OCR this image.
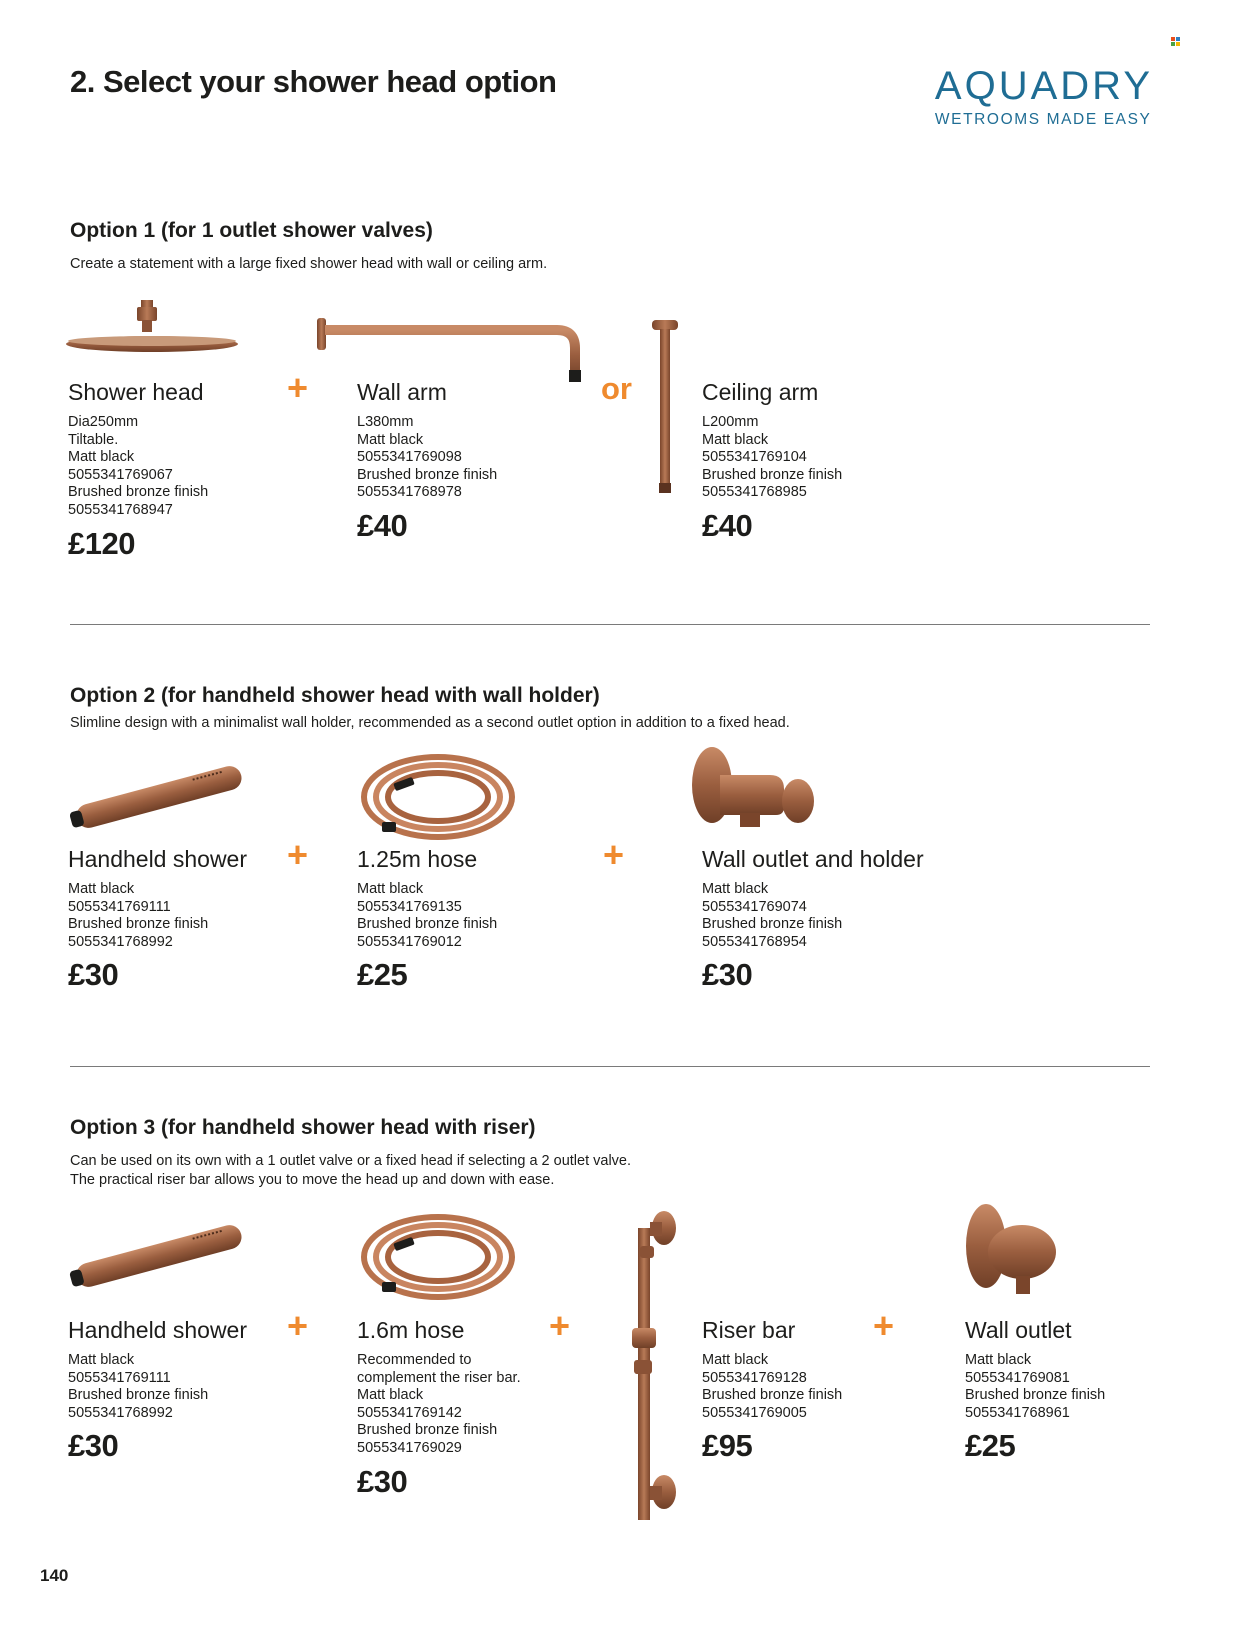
2. Select your shower head option	AQUADRY
WETROOMS MADE EASY
Option 1 (for 1 outlet shower valves)
Create a statement with a large fixed shower head with wall or ceiling arm.
Shower head
Dia250mm
Tiltable.
Matt black
5055341769067
Brushed bronze finish
5055341768947
£120
+ Wall arm
L380mm
Matt black
5055341769098
Brushed bronze finish
5055341768978
£40
or	Ceiling arm
L200mm
Matt black
5055341769104
Brushed bronze finish
5055341768985
£40
Option 2 (for handheld shower head with wall holder)
Slimline design with a minimalist wall holder, recommended as a second outlet option in addition to a fixed head.
Handheld shower
Matt black
5055341769111
Brushed bronze finish
5055341768992
£30
+ 1.25m hose
Matt black
5055341769135
Brushed bronze finish
5055341769012
£25
+	Wall outlet and holder
Matt black
5055341769074
Brushed bronze finish
5055341768954
£30
Option 3 (for handheld shower head with riser)
Can be used on its own with a 1 outlet valve or a fixed head if selecting a 2 outlet valve.
The practical riser bar allows you to move the head up and down with ease.
Handheld shower
Matt black
5055341769111
Brushed bronze finish
5055341768992
£30
+ 1.6m hose
Recommended to
complement the riser bar.
Matt black
5055341769142
Brushed bronze finish
5055341769029
£30
+	Riser bar
Matt black
5055341769128
Brushed bronze finish
5055341769005
£95
+	Wall outlet
Matt black
5055341769081
Brushed bronze finish
5055341768961
£25
140
